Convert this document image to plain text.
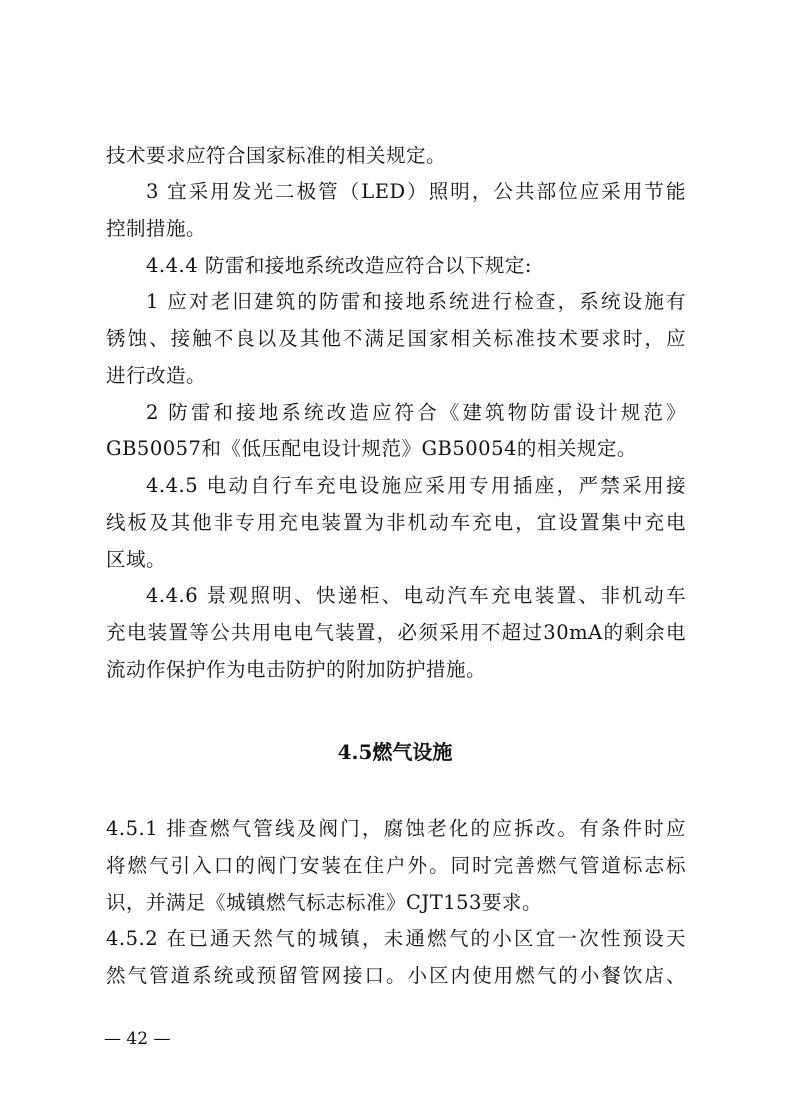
技术要求应符合国家标准的相关规定。
3 宜采用发光二极管（LED）照明，公共部位应采用节能
控制措施。
4.4.4 防雷和接地系统改造应符合以下规定:
1 应对老旧建筑的防雷和接地系统进行检查，系统设施有
锈蚀、接触不良以及其他不满足国家相关标准技术要求时，应
进行改造。
2 防雷和接地系统改造应符合《建筑物防雷设计规范》
GB50057和《低压配电设计规范》GB50054的相关规定。
4.4.5 电动自行车充电设施应采用专用插座，严禁采用接
线板及其他非专用充电装置为非机动车充电，宜设置集中充电
区域。
4.4.6 景观照明、快递柜、电动汽车充电装置、非机动车
充电装置等公共用电电气装置，必须采用不超过30mA的剩余电
流动作保护作为电击防护的附加防护措施。
4.5燃气设施
4.5.1 排查燃气管线及阀门，腐蚀老化的应拆改。有条件时应
将燃气引入口的阀门安装在住户外。同时完善燃气管道标志标
识，并满足《城镇燃气标志标准》CJT153要求。
4.5.2 在已通天然气的城镇，未通燃气的小区宜一次性预设天
然气管道系统或预留管网接口。小区内使用燃气的小餐饮店、
— 42 —
